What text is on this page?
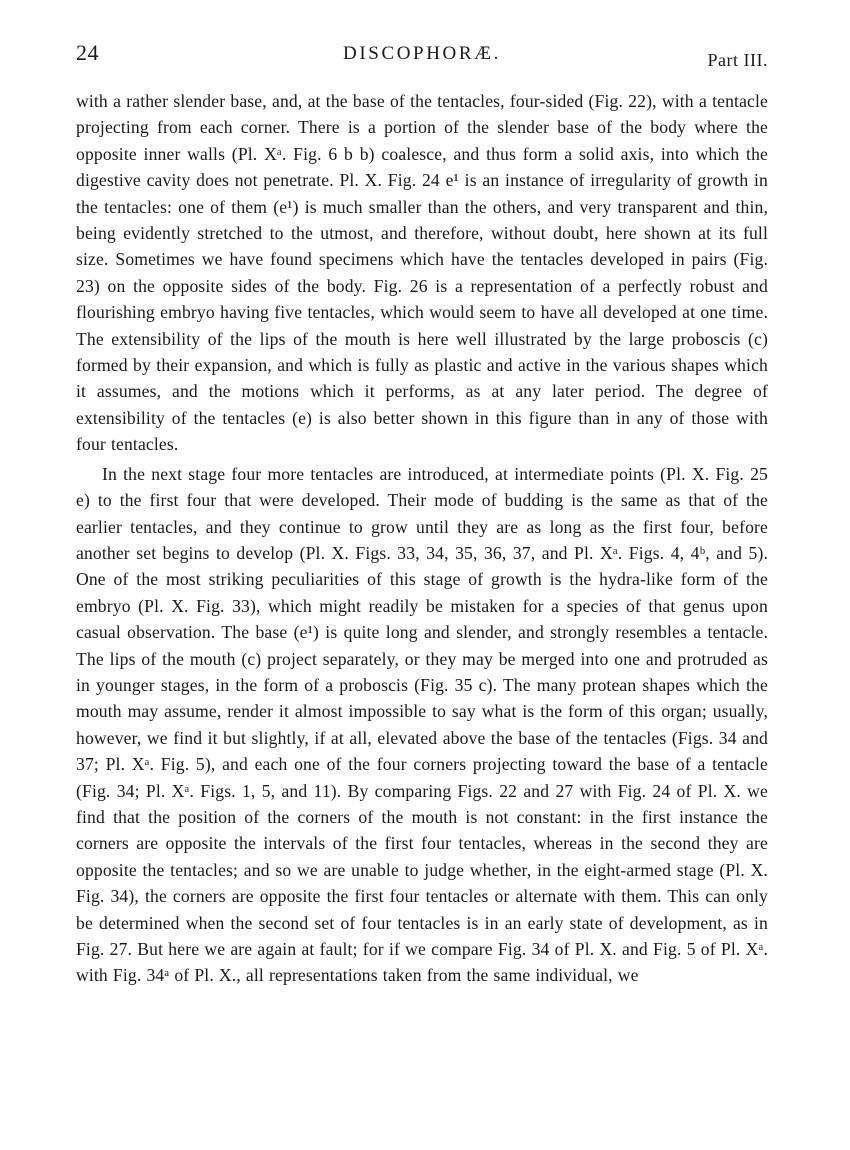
24	DISCOPHORÆ.	Part III.

with a rather slender base, and, at the base of the tentacles, four-sided (Fig. 22), with a tentacle projecting from each corner. There is a portion of the slender base of the body where the opposite inner walls (Pl. Xᵃ. Fig. 6 b b) coalesce, and thus form a solid axis, into which the digestive cavity does not penetrate. Pl. X. Fig. 24 e¹ is an instance of irregularity of growth in the tentacles: one of them (e¹) is much smaller than the others, and very transparent and thin, being evidently stretched to the utmost, and therefore, without doubt, here shown at its full size. Sometimes we have found specimens which have the tentacles developed in pairs (Fig. 23) on the opposite sides of the body. Fig. 26 is a representation of a perfectly robust and flourishing embryo having five tentacles, which would seem to have all developed at one time. The extensibility of the lips of the mouth is here well illustrated by the large proboscis (c) formed by their expansion, and which is fully as plastic and active in the various shapes which it assumes, and the motions which it performs, as at any later period. The degree of extensibility of the tentacles (e) is also better shown in this figure than in any of those with four tentacles.

In the next stage four more tentacles are introduced, at intermediate points (Pl. X. Fig. 25 e) to the first four that were developed. Their mode of budding is the same as that of the earlier tentacles, and they continue to grow until they are as long as the first four, before another set begins to develop (Pl. X. Figs. 33, 34, 35, 36, 37, and Pl. Xᵃ. Figs. 4, 4ᵇ, and 5). One of the most striking peculiarities of this stage of growth is the hydra-like form of the embryo (Pl. X. Fig. 33), which might readily be mistaken for a species of that genus upon casual observation. The base (e¹) is quite long and slender, and strongly resembles a tentacle. The lips of the mouth (c) project separately, or they may be merged into one and protruded as in younger stages, in the form of a proboscis (Fig. 35 c). The many protean shapes which the mouth may assume, render it almost impossible to say what is the form of this organ; usually, however, we find it but slightly, if at all, elevated above the base of the tentacles (Figs. 34 and 37; Pl. Xᵃ. Fig. 5), and each one of the four corners projecting toward the base of a tentacle (Fig. 34; Pl. Xᵃ. Figs. 1, 5, and 11). By comparing Figs. 22 and 27 with Fig. 24 of Pl. X. we find that the position of the corners of the mouth is not constant: in the first instance the corners are opposite the intervals of the first four tentacles, whereas in the second they are opposite the tentacles; and so we are unable to judge whether, in the eight-armed stage (Pl. X. Fig. 34), the corners are opposite the first four tentacles or alternate with them. This can only be determined when the second set of four tentacles is in an early state of development, as in Fig. 27. But here we are again at fault; for if we compare Fig. 34 of Pl. X. and Fig. 5 of Pl. Xᵃ. with Fig. 34ᵃ of Pl. X., all representations taken from the same individual, we
